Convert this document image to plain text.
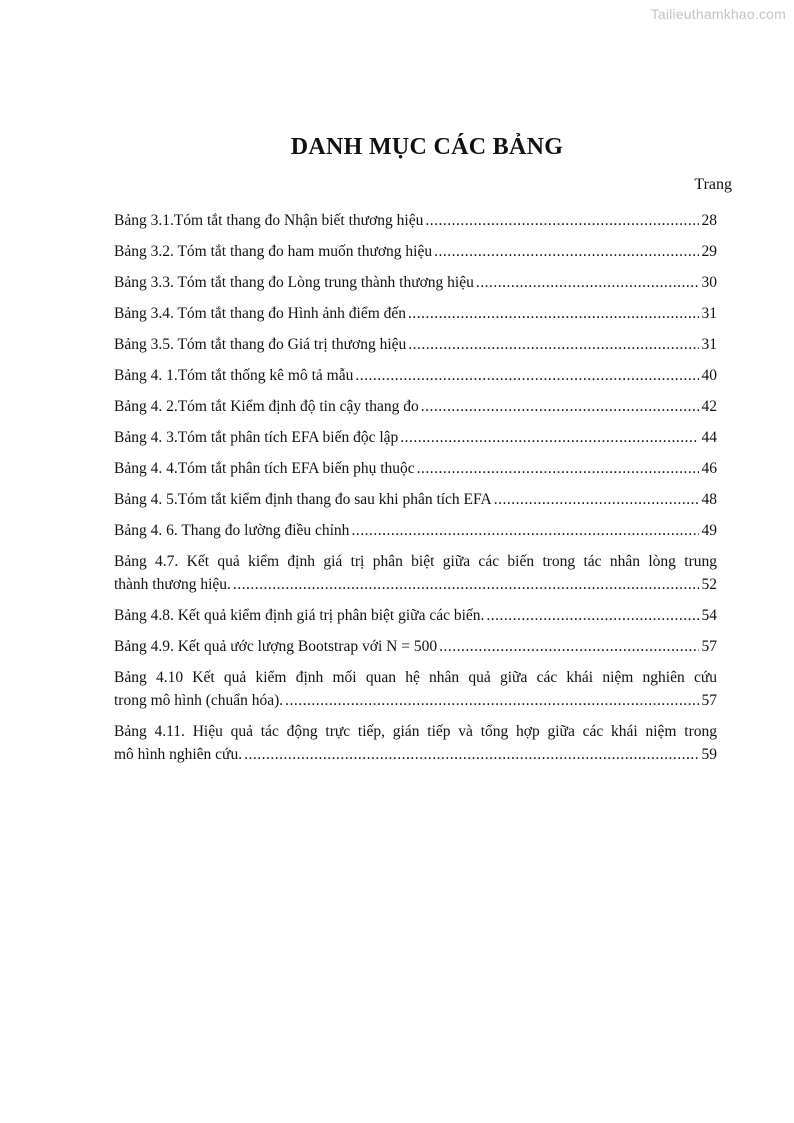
Tailieuthamkhao.com
DANH MỤC CÁC BẢNG
Trang
Bảng 3.1.Tóm tắt thang đo Nhận biết thương hiệu .....	28
Bảng 3.2. Tóm tắt thang đo ham muốn thương hiệu .....	29
Bảng 3.3. Tóm tắt thang đo Lòng trung thành thương hiệu .....	30
Bảng 3.4. Tóm tắt thang đo Hình ảnh điểm đến .....	31
Bảng 3.5. Tóm tắt thang đo Giá trị thương hiệu .....	31
Bảng 4. 1.Tóm tắt thống kê mô tả mẫu .....	40
Bảng 4. 2.Tóm tắt Kiểm định độ tin cậy thang đo .....	42
Bảng 4. 3.Tóm tắt phân tích EFA biến độc lập .....	44
Bảng 4. 4.Tóm tắt phân tích EFA biến phụ thuộc .....	46
Bảng 4. 5.Tóm tắt kiểm định thang đo sau khi phân tích EFA .....	48
Bảng 4. 6. Thang đo lường điều chỉnh .....	49
Bảng 4.7. Kết quả kiểm định giá trị phân biệt giữa các biến trong tác nhân lòng trung
thành thương hiệu. .....	52
Bảng 4.8. Kết quả kiểm định giá trị phân biệt giữa các biến. .....	54
Bảng 4.9. Kết quả ước lượng Bootstrap với N = 500 .....	57
Bảng 4.10 Kết quả kiểm định mối quan hệ nhân quả giữa các khái niệm nghiên cứu
trong mô hình (chuẩn hóa). .....	57
Bảng 4.11. Hiệu quả tác động trực tiếp, gián tiếp và tổng hợp giữa các khái niệm trong
mô hình nghiên cứu. .....	59
